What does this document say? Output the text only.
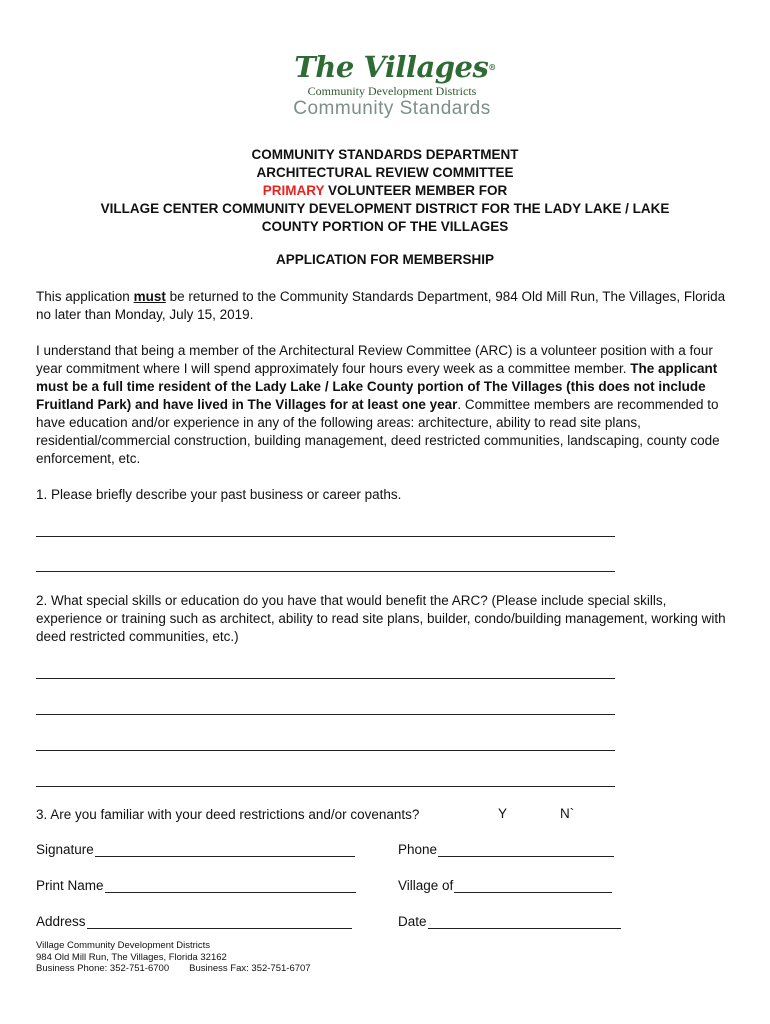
The Villages®
Community Development Districts
Community Standards
COMMUNITY STANDARDS DEPARTMENT
ARCHITECTURAL REVIEW COMMITTEE
PRIMARY VOLUNTEER MEMBER FOR
VILLAGE CENTER COMMUNITY DEVELOPMENT DISTRICT FOR THE LADY LAKE / LAKE
COUNTY PORTION OF THE VILLAGES
APPLICATION FOR MEMBERSHIP
This application must be returned to the Community Standards Department, 984 Old Mill Run, The Villages, Florida no later than Monday, July 15, 2019.
I understand that being a member of the Architectural Review Committee (ARC) is a volunteer position with a four year commitment where I will spend approximately four hours every week as a committee member. The applicant must be a full time resident of the Lady Lake / Lake County portion of The Villages (this does not include Fruitland Park) and have lived in The Villages for at least one year. Committee members are recommended to have education and/or experience in any of the following areas: architecture, ability to read site plans, residential/commercial construction, building management, deed restricted communities, landscaping, county code enforcement, etc.
1. Please briefly describe your past business or career paths.
2. What special skills or education do you have that would benefit the ARC? (Please include special skills, experience or training such as architect, ability to read site plans, builder, condo/building management, working with deed restricted communities, etc.)
3. Are you familiar with your deed restrictions and/or covenants?	Y	N`
Signature	Phone
Print Name	Village of
Address	Date
Village Community Development Districts
984 Old Mill Run, The Villages, Florida 32162
Business Phone: 352-751-6700 Business Fax: 352-751-6707
